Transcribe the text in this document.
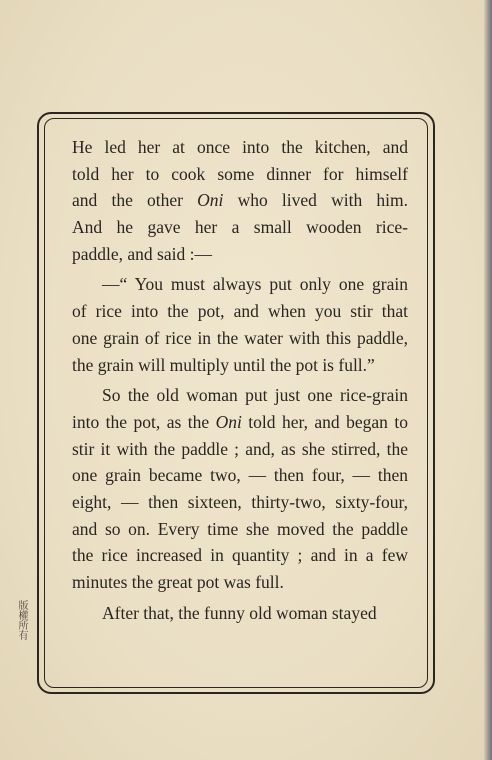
He led her at once into the kitchen, and
told her to cook some dinner for himself
and the other Oni who lived with him.
And he gave her a small wooden rice-
paddle, and said :—
—“ You must always put only one grain
of rice into the pot, and when you stir that
one grain of rice in the water with this paddle,
the grain will multiply until the pot is full.”
So the old woman put just one rice-grain
into the pot, as the Oni told her, and began to
stir it with the paddle ; and, as she stirred, the
one grain became two, — then four, — then
eight, — then sixteen, thirty-two, sixty-four,
and so on. Every time she moved the paddle
the rice increased in quantity ; and in a few
minutes the great pot was full.
After that, the funny old woman stayed
版權所有
